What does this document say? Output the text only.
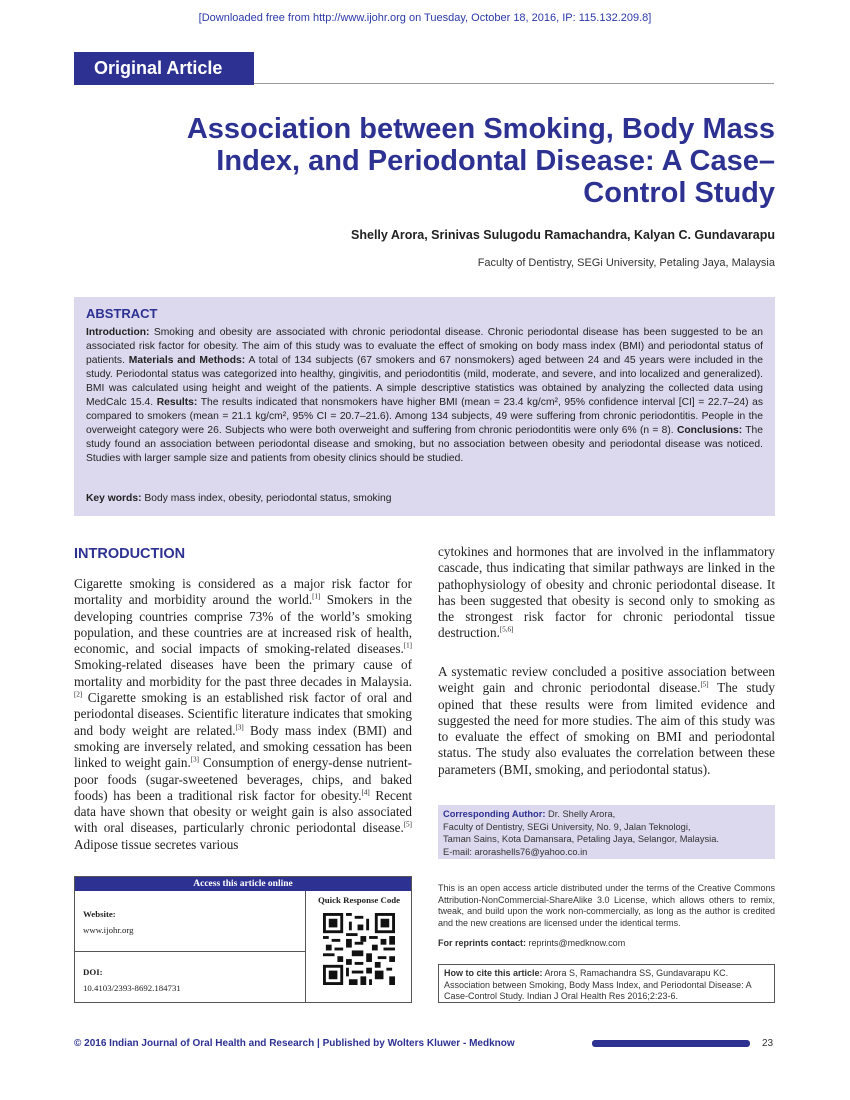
[Downloaded free from http://www.ijohr.org on Tuesday, October 18, 2016, IP: 115.132.209.8]
Original Article
Association between Smoking, Body Mass Index, and Periodontal Disease: A Case–Control Study
Shelly Arora, Srinivas Sulugodu Ramachandra, Kalyan C. Gundavarapu
Faculty of Dentistry, SEGi University, Petaling Jaya, Malaysia
ABSTRACT
Introduction: Smoking and obesity are associated with chronic periodontal disease. Chronic periodontal disease has been suggested to be an associated risk factor for obesity. The aim of this study was to evaluate the effect of smoking on body mass index (BMI) and periodontal status of patients. Materials and Methods: A total of 134 subjects (67 smokers and 67 nonsmokers) aged between 24 and 45 years were included in the study. Periodontal status was categorized into healthy, gingivitis, and periodontitis (mild, moderate, and severe, and into localized and generalized). BMI was calculated using height and weight of the patients. A simple descriptive statistics was obtained by analyzing the collected data using MedCalc 15.4. Results: The results indicated that nonsmokers have higher BMI (mean = 23.4 kg/cm², 95% confidence interval [CI] = 22.7–24) as compared to smokers (mean = 21.1 kg/cm², 95% CI = 20.7–21.6). Among 134 subjects, 49 were suffering from chronic periodontitis. People in the overweight category were 26. Subjects who were both overweight and suffering from chronic periodontitis were only 6% (n = 8). Conclusions: The study found an association between periodontal disease and smoking, but no association between obesity and periodontal disease was noticed. Studies with larger sample size and patients from obesity clinics should be studied.
Key words: Body mass index, obesity, periodontal status, smoking
INTRODUCTION

Cigarette smoking is considered as a major risk factor for mortality and morbidity around the world.[1] Smokers in the developing countries comprise 73% of the world’s smoking population, and these countries are at increased risk of health, economic, and social impacts of smoking-related diseases.[1] Smoking-related diseases have been the primary cause of mortality and morbidity for the past three decades in Malaysia.[2] Cigarette smoking is an established risk factor of oral and periodontal diseases. Scientific literature indicates that smoking and body weight are related.[3] Body mass index (BMI) and smoking are inversely related, and smoking cessation has been linked to weight gain.[3] Consumption of energy-dense nutrient-poor foods (sugar-sweetened beverages, chips, and baked foods) has been a traditional risk factor for obesity.[4] Recent data have shown that obesity or weight gain is also associated with oral diseases, particularly chronic periodontal disease.[5] Adipose tissue secretes various

cytokines and hormones that are involved in the inflammatory cascade, thus indicating that similar pathways are linked in the pathophysiology of obesity and chronic periodontal disease. It has been suggested that obesity is second only to smoking as the strongest risk factor for chronic periodontal tissue destruction.[5,6]

A systematic review concluded a positive association between weight gain and chronic periodontal disease.[5] The study opined that these results were from limited evidence and suggested the need for more studies. The aim of this study was to evaluate the effect of smoking on BMI and periodontal status. The study also evaluates the correlation between these parameters (BMI, smoking, and periodontal status).

Corresponding Author: Dr. Shelly Arora,
Faculty of Dentistry, SEGi University, No. 9, Jalan Teknologi,
Taman Sains, Kota Damansara, Petaling Jaya, Selangor, Malaysia.
E-mail: arorashells76@yahoo.co.in
Access this article online
Website:
www.ijohr.org
DOI:
10.4103/2393-8692.184731
Quick Response Code
This is an open access article distributed under the terms of the Creative Commons Attribution-NonCommercial-ShareAlike 3.0 License, which allows others to remix, tweak, and build upon the work non-commercially, as long as the author is credited and the new creations are licensed under the identical terms.
For reprints contact: reprints@medknow.com
How to cite this article: Arora S, Ramachandra SS, Gundavarapu KC. Association between Smoking, Body Mass Index, and Periodontal Disease: A Case-Control Study. Indian J Oral Health Res 2016;2:23-6.
© 2016 Indian Journal of Oral Health and Research | Published by Wolters Kluwer - Medknow	23
